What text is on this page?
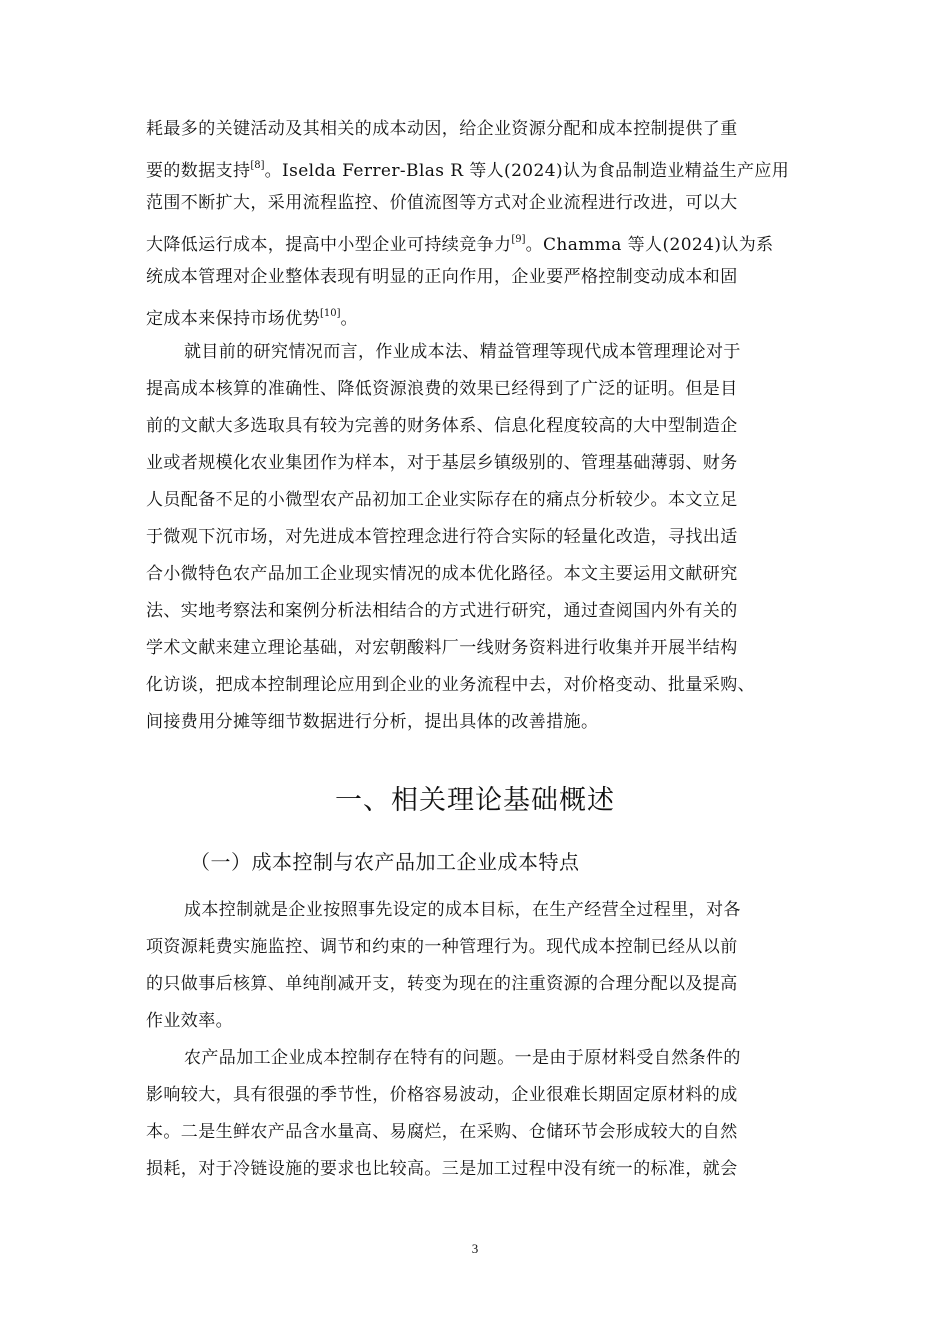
耗最多的关键活动及其相关的成本动因，给企业资源分配和成本控制提供了重
要的数据支持[8]。Iselda Ferrer-Blas R 等人(2024)认为食品制造业精益生产应用
范围不断扩大，采用流程监控、价值流图等方式对企业流程进行改进，可以大
大降低运行成本，提高中小型企业可持续竞争力[9]。Chamma 等人(2024)认为系
统成本管理对企业整体表现有明显的正向作用，企业要严格控制变动成本和固
定成本来保持市场优势[10]。
就目前的研究情况而言，作业成本法、精益管理等现代成本管理理论对于
提高成本核算的准确性、降低资源浪费的效果已经得到了广泛的证明。但是目
前的文献大多选取具有较为完善的财务体系、信息化程度较高的大中型制造企
业或者规模化农业集团作为样本，对于基层乡镇级别的、管理基础薄弱、财务
人员配备不足的小微型农产品初加工企业实际存在的痛点分析较少。本文立足
于微观下沉市场，对先进成本管控理念进行符合实际的轻量化改造，寻找出适
合小微特色农产品加工企业现实情况的成本优化路径。本文主要运用文献研究
法、实地考察法和案例分析法相结合的方式进行研究，通过查阅国内外有关的
学术文献来建立理论基础，对宏朝酸料厂一线财务资料进行收集并开展半结构
化访谈，把成本控制理论应用到企业的业务流程中去，对价格变动、批量采购、
间接费用分摊等细节数据进行分析，提出具体的改善措施。
一、相关理论基础概述
（一）成本控制与农产品加工企业成本特点
成本控制就是企业按照事先设定的成本目标，在生产经营全过程里，对各
项资源耗费实施监控、调节和约束的一种管理行为。现代成本控制已经从以前
的只做事后核算、单纯削减开支，转变为现在的注重资源的合理分配以及提高
作业效率。
农产品加工企业成本控制存在特有的问题。一是由于原材料受自然条件的
影响较大，具有很强的季节性，价格容易波动，企业很难长期固定原材料的成
本。二是生鲜农产品含水量高、易腐烂，在采购、仓储环节会形成较大的自然
损耗，对于冷链设施的要求也比较高。三是加工过程中没有统一的标准，就会
3
